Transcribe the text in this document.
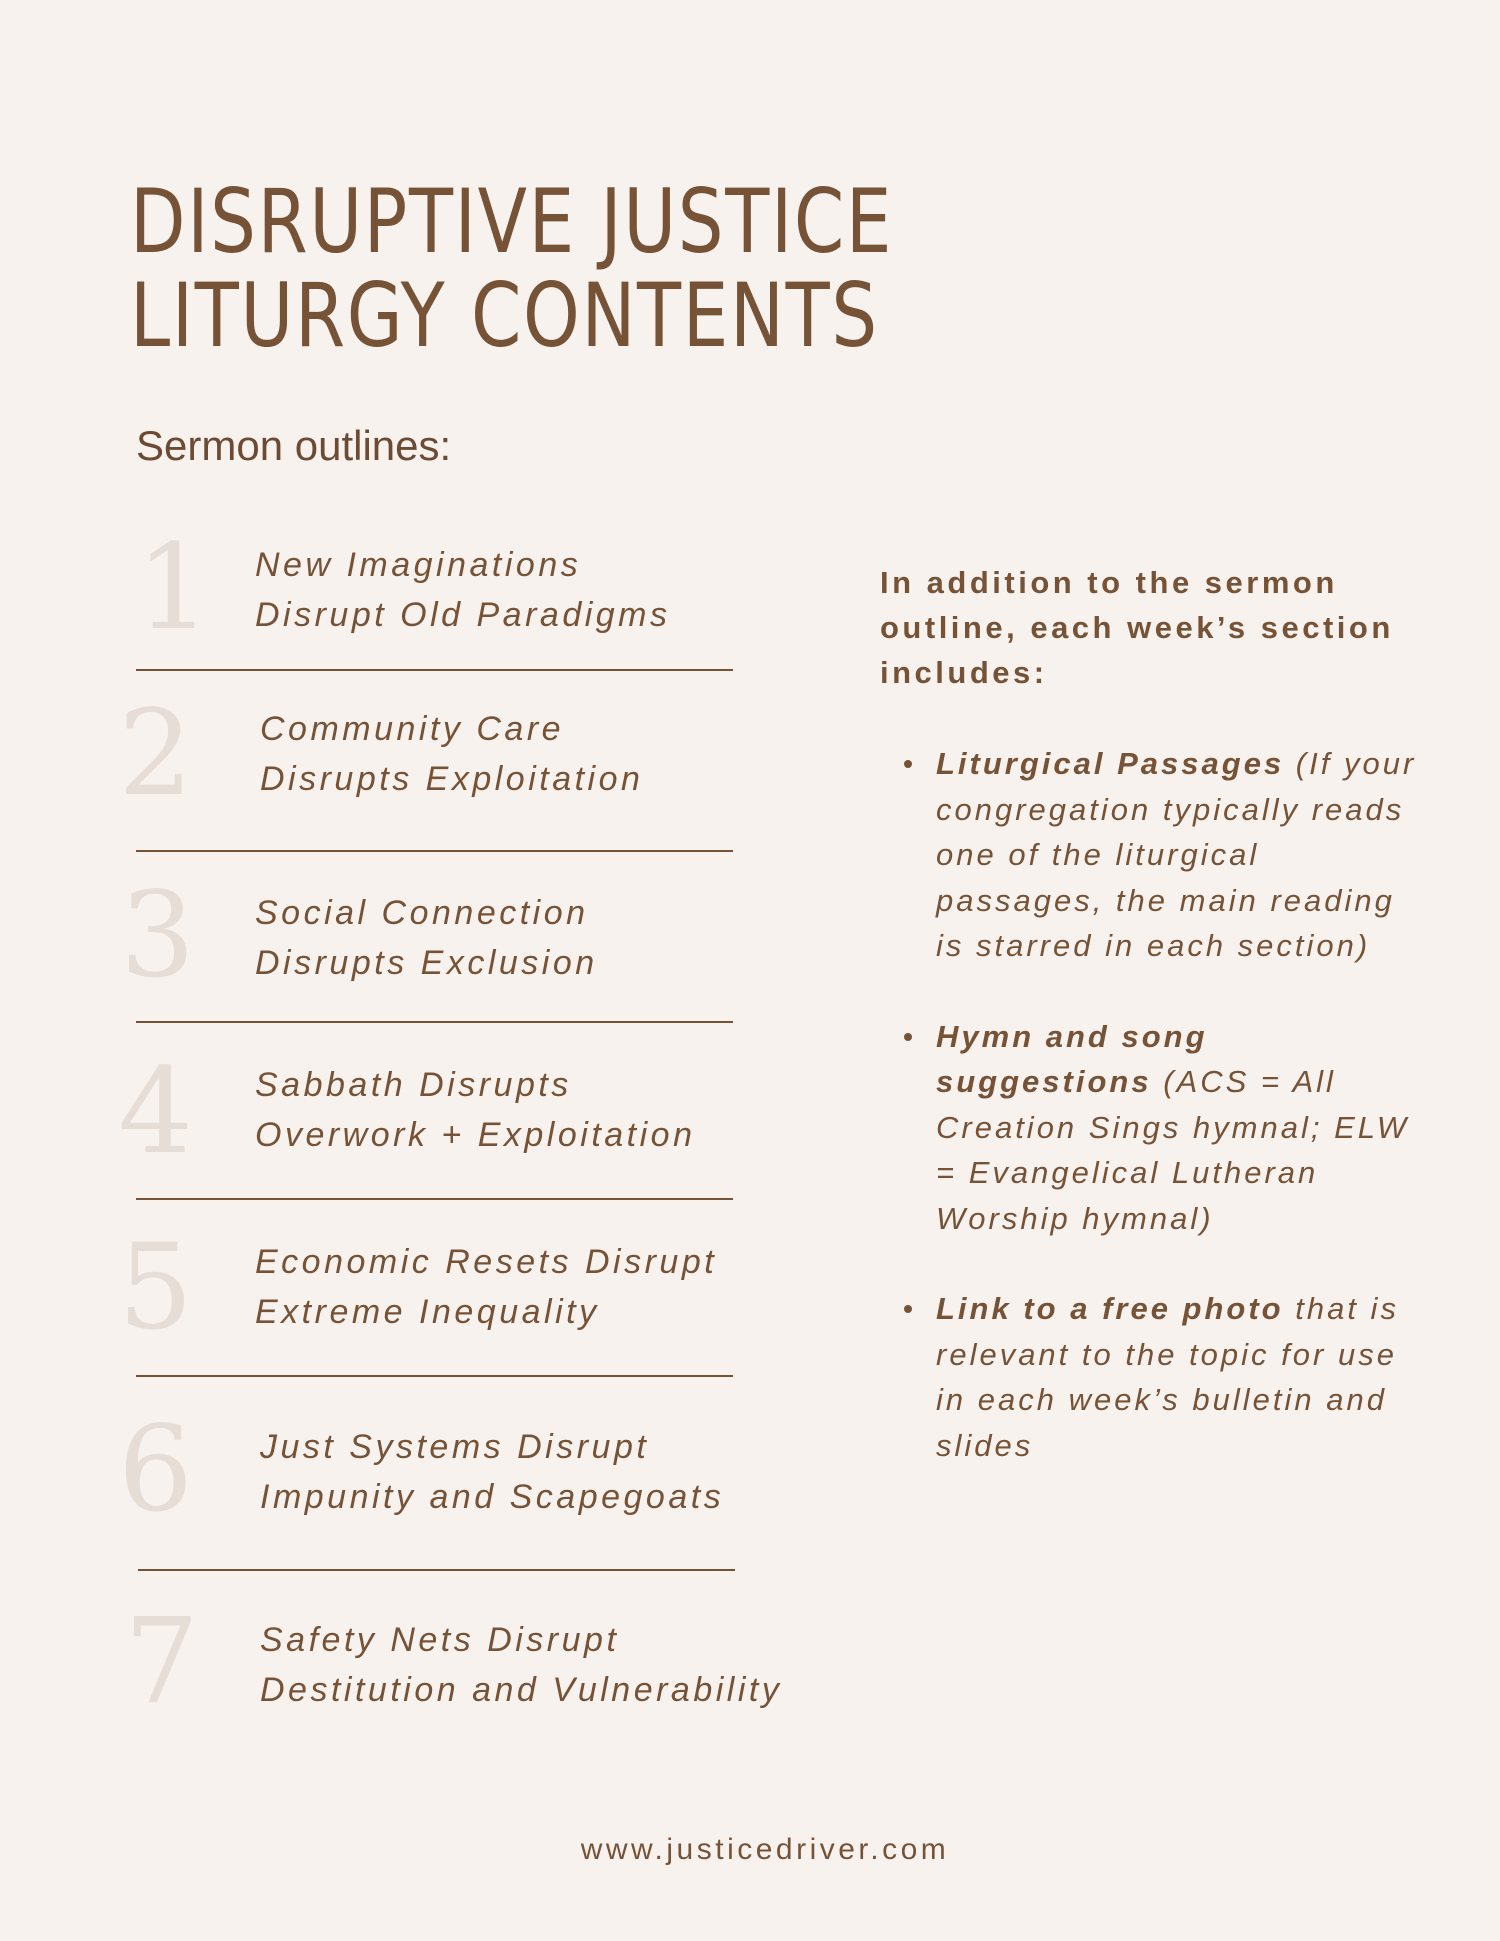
DISRUPTIVE JUSTICE
LITURGY CONTENTS
Sermon outlines:
1 New Imaginations
Disrupt Old Paradigms
2 Community Care
Disrupts Exploitation
3 Social Connection
Disrupts Exclusion
4 Sabbath Disrupts
Overwork + Exploitation
5 Economic Resets Disrupt
Extreme Inequality
6 Just Systems Disrupt
Impunity and Scapegoats
7 Safety Nets Disrupt
Destitution and Vulnerability

In addition to the sermon outline, each week’s section includes:

Liturgical Passages (If your congregation typically reads one of the liturgical passages, the main reading is starred in each section)
Hymn and song suggestions (ACS = All Creation Sings hymnal; ELW = Evangelical Lutheran Worship hymnal)
Link to a free photo that is relevant to the topic for use in each week’s bulletin and slides
www.justicedriver.com
